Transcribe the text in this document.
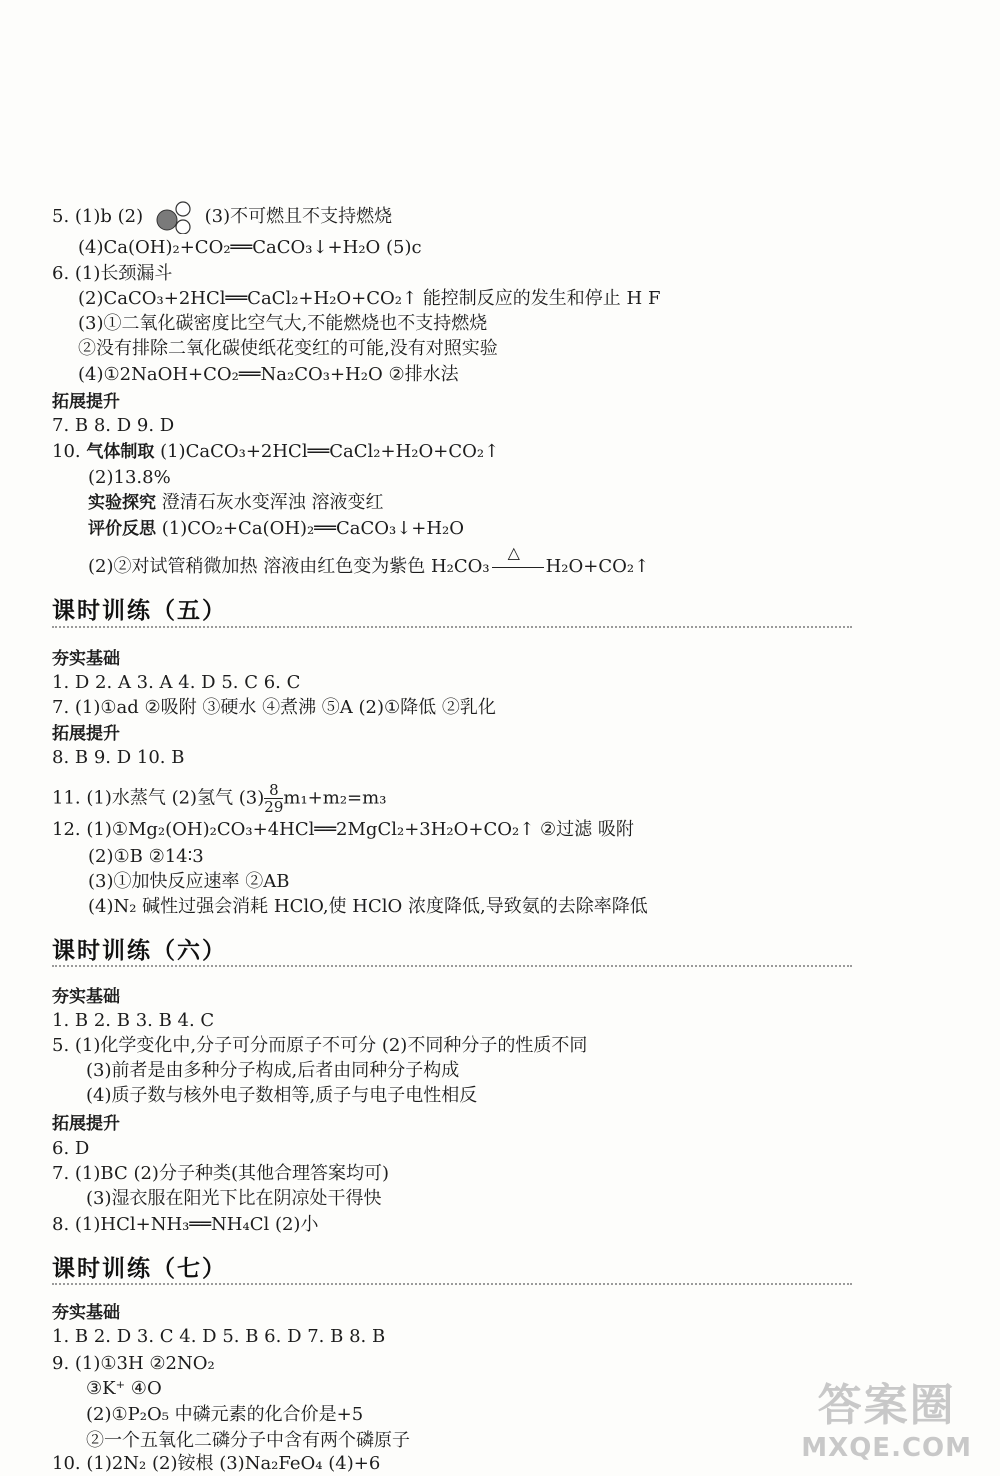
5. (1)b (2)	(3)不可燃且不支持燃烧
(4)Ca(OH)₂+CO₂══CaCO₃↓+H₂O (5)c
6. (1)长颈漏斗
(2)CaCO₃+2HCl══CaCl₂+H₂O+CO₂↑ 能控制反应的发生和停止 H F
(3)①二氧化碳密度比空气大,不能燃烧也不支持燃烧
②没有排除二氧化碳使纸花变红的可能,没有对照实验
(4)①2NaOH+CO₂══Na₂CO₃+H₂O ②排水法
拓展提升
7. B 8. D 9. D
10. 气体制取 (1)CaCO₃+2HCl══CaCl₂+H₂O+CO₂↑
(2)13.8%
实验探究 澄清石灰水变浑浊 溶液变红
评价反思 (1)CO₂+Ca(OH)₂══CaCO₃↓+H₂O
(2)②对试管稍微加热 溶液由红色变为紫色 H₂CO₃
△
H₂O+CO₂↑
课时训练（五）
夯实基础
1. D 2. A 3. A 4. D 5. C 6. C
7. (1)①ad ②吸附 ③硬水 ④煮沸 ⑤A (2)①降低 ②乳化
拓展提升
8. B 9. D 10. B
11. (1)水蒸气 (2)氢气 $(3) \frac{8}{29} m_1+m_2=m_3$
12. (1)①Mg₂(OH)₂CO₃+4HCl══2MgCl₂+3H₂O+CO₂↑ ②过滤 吸附
(2)①B ②14∶3
(3)①加快反应速率 ②AB
(4)N₂ 碱性过强会消耗 HClO,使 HClO 浓度降低,导致氨的去除率降低
课时训练（六）
夯实基础
1. B 2. B 3. B 4. C
5. (1)化学变化中,分子可分而原子不可分 (2)不同种分子的性质不同
(3)前者是由多种分子构成,后者由同种分子构成
(4)质子数与核外电子数相等,质子与电子电性相反
拓展提升
6. D
7. (1)BC (2)分子种类(其他合理答案均可)
(3)湿衣服在阳光下比在阴凉处干得快
8. (1)HCl+NH₃══NH₄Cl (2)小
课时训练（七）
夯实基础
1. B 2. D 3. C 4. D 5. B 6. D 7. B 8. B
9. (1)①3H ②2NO₂
③K⁺ ④O
(2)①P₂O₅ 中磷元素的化合价是+5
②一个五氧化二磷分子中含有两个磷原子
10. (1)2N₂ (2)铵根 (3)Na₂FeO₄ (4)+6
答案圈
MXQE.COM
